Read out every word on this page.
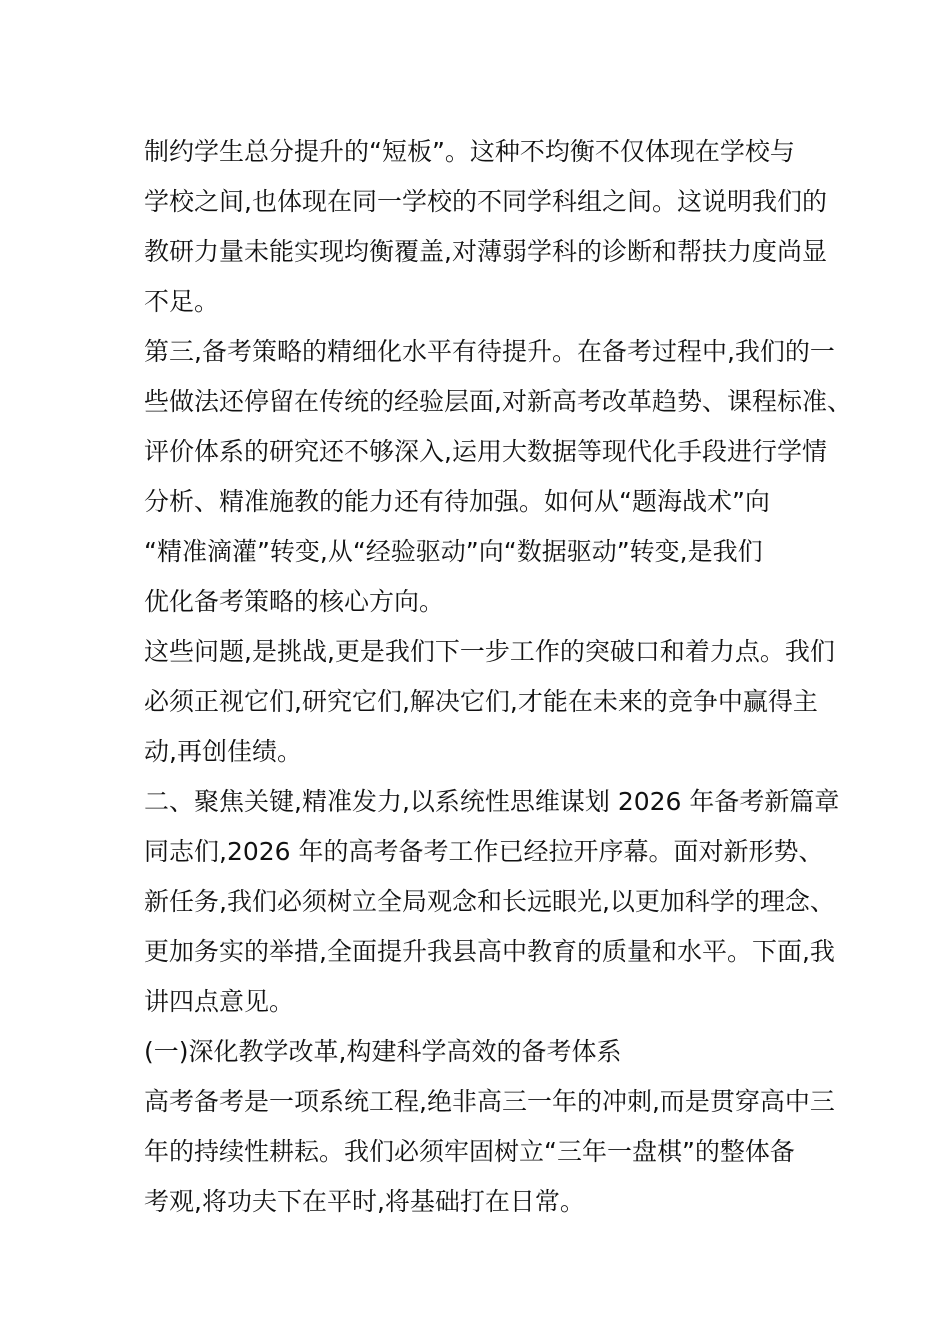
制约学生总分提升的“短板”。这种不均衡不仅体现在学校与
学校之间,也体现在同一学校的不同学科组之间。这说明我们的
教研力量未能实现均衡覆盖,对薄弱学科的诊断和帮扶力度尚显
不足。
第三,备考策略的精细化水平有待提升。在备考过程中,我们的一
些做法还停留在传统的经验层面,对新高考改革趋势、课程标准、
评价体系的研究还不够深入,运用大数据等现代化手段进行学情
分析、精准施教的能力还有待加强。如何从“题海战术”向
“精准滴灌”转变,从“经验驱动”向“数据驱动”转变,是我们
优化备考策略的核心方向。
这些问题,是挑战,更是我们下一步工作的突破口和着力点。我们
必须正视它们,研究它们,解决它们,才能在未来的竞争中赢得主
动,再创佳绩。
二、聚焦关键,精准发力,以系统性思维谋划 2026 年备考新篇章
同志们,2026 年的高考备考工作已经拉开序幕。面对新形势、
新任务,我们必须树立全局观念和长远眼光,以更加科学的理念、
更加务实的举措,全面提升我县高中教育的质量和水平。下面,我
讲四点意见。
(一)深化教学改革,构建科学高效的备考体系
高考备考是一项系统工程,绝非高三一年的冲刺,而是贯穿高中三
年的持续性耕耘。我们必须牢固树立“三年一盘棋”的整体备
考观,将功夫下在平时,将基础打在日常。
